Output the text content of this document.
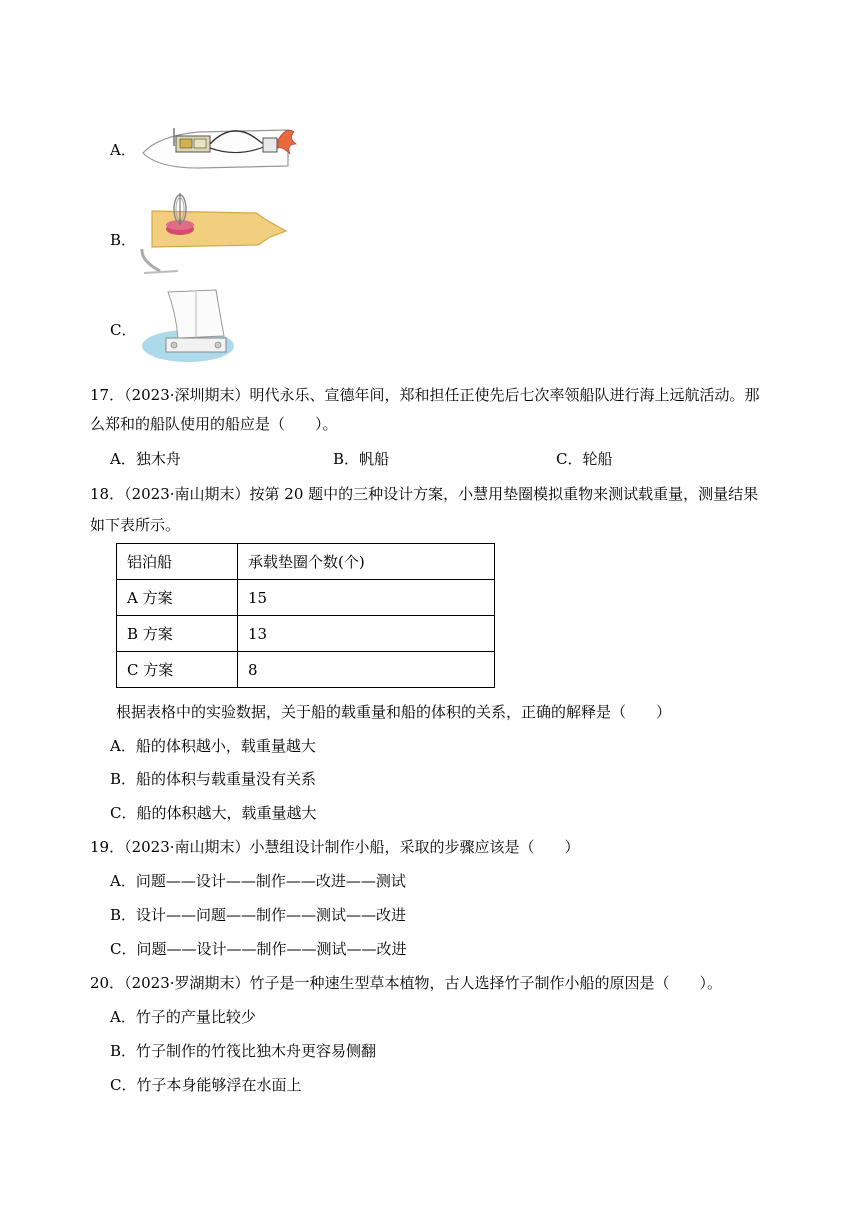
A．
B．
C．
17．（2023·深圳期末）明代永乐、宣德年间，郑和担任正使先后七次率领船队进行海上远航活动。那
么郑和的船队使用的船应是（　　）。
A．独木舟	B．帆船	C．轮船
18．（2023·南山期末）按第 20 题中的三种设计方案，小慧用垫圈模拟重物来测试载重量，测量结果
如下表所示。
铝泊船	承载垫圈个数(个)
A 方案	15
B 方案	13
C 方案	8
根据表格中的实验数据，关于船的载重量和船的体积的关系，正确的解释是（　　）
A．船的体积越小，载重量越大
B．船的体积与载重量没有关系
C．船的体积越大，载重量越大
19．（2023·南山期末）小慧组设计制作小船，采取的步骤应该是（　　）
A．问题——设计——制作——改进——测试
B．设计——问题——制作——测试——改进
C．问题——设计——制作——测试——改进
20．（2023·罗湖期末）竹子是一种速生型草本植物，古人选择竹子制作小船的原因是（　　）。
A．竹子的产量比较少
B．竹子制作的竹筏比独木舟更容易侧翻
C．竹子本身能够浮在水面上
